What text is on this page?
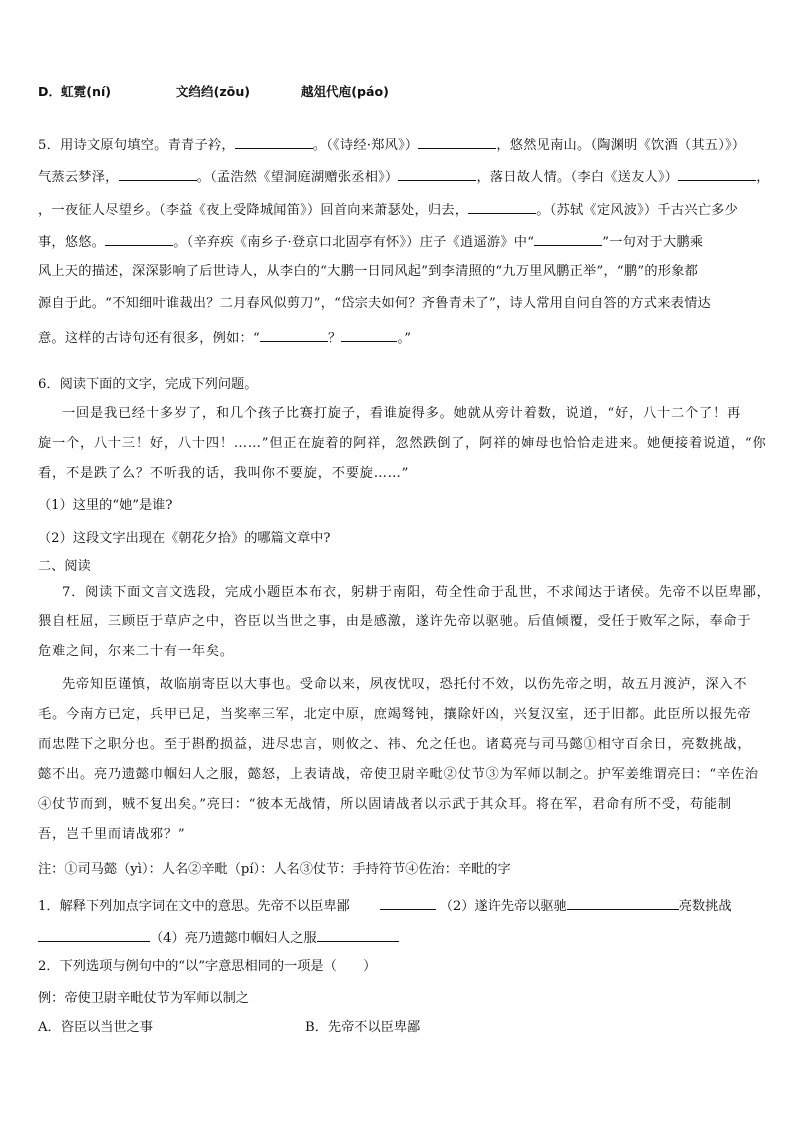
D．虹霓(ní)	文绉绉(zōu)	越俎代庖(páo)
5．用诗文原句填空。青青子衿，	。（《诗经·郑风》）	，悠然见南山。（陶渊明《饮酒（其五）》）
气蒸云梦泽，	。（孟浩然《望洞庭湖赠张丞相》）	，落日故人情。（李白《送友人》）	，
，一夜征人尽望乡。（李益《夜上受降城闻笛》）回首向来萧瑟处，归去，	。（苏轼《定风波》）千古兴亡多少
事，悠悠。	。（辛弃疾《南乡子·登京口北固亭有怀》）庄子《逍遥游》中“	”一句对于大鹏乘
风上天的描述，深深影响了后世诗人，从李白的“大鹏一日同风起”到李清照的“九万里风鹏正举”，“鹏”的形象都
源自于此。“不知细叶谁裁出？二月春风似剪刀”，“岱宗夫如何？齐鲁青未了”，诗人常用自问自答的方式来表情达
意。这样的古诗句还有很多，例如：“	？	。”
6．阅读下面的文字，完成下列问题。
一回是我已经十多岁了，和几个孩子比赛打旋子，看谁旋得多。她就从旁计着数，说道，“好，八十二个了！再
旋一个，八十三！好，八十四！……”但正在旋着的阿祥，忽然跌倒了，阿祥的婶母也恰恰走进来。她便接着说道，“你
看，不是跌了么？不听我的话，我叫你不要旋，不要旋……”
（1）这里的“她”是谁?
（2）这段文字出现在《朝花夕拾》的哪篇文章中?
二、阅读
7．阅读下面文言文选段，完成小题臣本布衣，躬耕于南阳，苟全性命于乱世，不求闻达于诸侯。先帝不以臣卑鄙，
猥自枉屈，三顾臣于草庐之中，咨臣以当世之事，由是感激，遂许先帝以驱驰。后值倾覆，受任于败军之际，奉命于
危难之间，尔来二十有一年矣。
先帝知臣谨慎，故临崩寄臣以大事也。受命以来，夙夜忧叹，恐托付不效，以伤先帝之明，故五月渡泸，深入不
毛。今南方已定，兵甲已足，当奖率三军，北定中原，庶竭驽钝，攘除奸凶，兴复汉室，还于旧都。此臣所以报先帝
而忠陛下之职分也。至于斟酌损益，进尽忠言，则攸之、祎、允之任也。诸葛亮与司马懿①相守百余日，亮数挑战，
懿不出。亮乃遗懿巾帼妇人之服，懿怒，上表请战，帝使卫尉辛毗②仗节③为军师以制之。护军姜维谓亮曰：“辛佐治
④仗节而到，贼不复出矣。”亮曰：“彼本无战情，所以固请战者以示武于其众耳。将在军，君命有所不受，苟能制
吾，岂千里而请战邪？”
注：①司马懿（yì）：人名②辛毗（pí）：人名③仗节：手持符节④佐治：辛毗的字
1．解释下列加点字词在文中的意思。先帝不以臣卑鄙	（2）遂许先帝以驱驰	亮数挑战
（4）亮乃遗懿巾帼妇人之服
2．下列选项与例句中的“以”字意思相同的一项是（　　）
例：帝使卫尉辛毗仗节为军师以制之
A．咨臣以当世之事	B．先帝不以臣卑鄙
